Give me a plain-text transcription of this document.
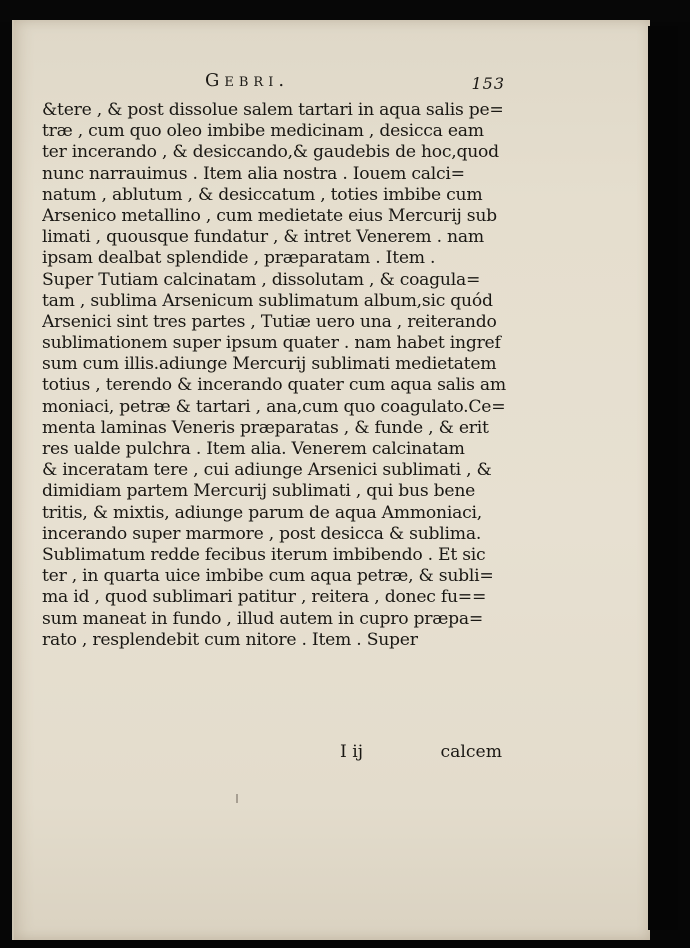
Gebri.	153
&tere , & post dissolue salem tartari in aqua salis pe=
træ , cum quo oleo imbibe medicinam , desicca eam
ter incerando , & desiccando,& gaudebis de hoc,quod
nunc narrauimus . Item alia nostra . Iouem calci=
natum , ablutum , & desiccatum , toties imbibe cum
Arsenico metallino , cum medietate eius Mercurij sub
limati , quousque fundatur , & intret Venerem . nam
ipsam dealbat splendide , præparatam . Item .
Super Tutiam calcinatam , dissolutam , & coagula=
tam , sublima Arsenicum sublimatum album,sic quód
Arsenici sint tres partes , Tutiæ uero una , reiterando
sublimationem super ipsum quater . nam habet ingref
sum cum illis.adiunge Mercurij sublimati medietatem
totius , terendo & incerando quater cum aqua salis am
moniaci, petræ & tartari , ana,cum quo coagulato.Ce=
menta laminas Veneris præparatas , & funde , & erit
res ualde pulchra . Item alia. Venerem calcinatam
& inceratam tere , cui adiunge Arsenici sublimati , &
dimidiam partem Mercurij sublimati , qui bus bene
tritis, & mixtis, adiunge parum de aqua Ammoniaci,
incerando super marmore , post desicca & sublima.
Sublimatum redde fecibus iterum imbibendo . Et sic
ter , in quarta uice imbibe cum aqua petræ, & subli=
ma id , quod sublimari patitur , reitera , donec fu==
sum maneat in fundo , illud autem in cupro præpa=
rato , resplendebit cum nitore . Item . Super
I ij	calcem
